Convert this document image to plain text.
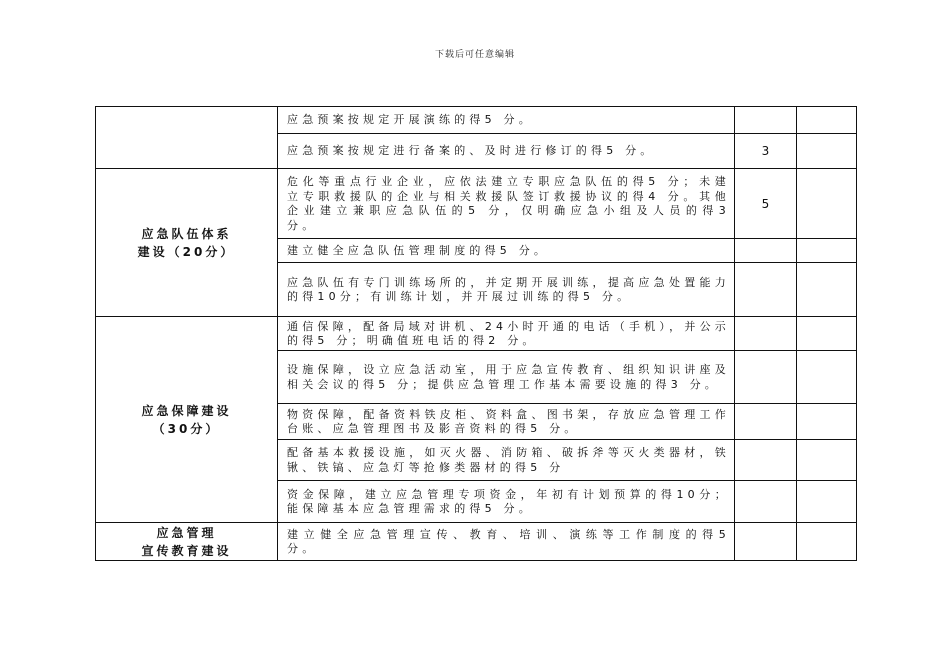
下载后可任意编辑
	应急预案按规定开展演练的得5 分。		
	应急预案按规定进行备案的、及时进行修订的得5 分。	3	

应急队伍体系
建设（20分）	危化等重点行业企业，应依法建立专职应急队伍的得5 分；未建立专职救援队的企业与相关救援队签订救援协议的得4 分。其他企业建立兼职应急队伍的5 分，仅明确应急小组及人员的得3 分。	5	
	建立健全应急队伍管理制度的得5 分。		
	应急队伍有专门训练场所的，并定期开展训练，提高应急处置能力的得10分；有训练计划，并开展过训练的得5 分。		

应急保障建设
（30分）	通信保障，配备局域对讲机、24小时开通的电话（手机），并公示的得5 分；明确值班电话的得2 分。		
	设施保障，设立应急活动室，用于应急宣传教育、组织知识讲座及相关会议的得5 分；提供应急管理工作基本需要设施的得3 分。		
	物资保障，配备资料铁皮柜、资料盒、图书架，存放应急管理工作台账、应急管理图书及影音资料的得5 分。		
	配备基本救援设施，如灭火器、消防箱、破拆斧等灭火类器材，铁锹、铁镐、应急灯等抢修类器材的得5 分		
	资金保障，建立应急管理专项资金，年初有计划预算的得10分；能保障基本应急管理需求的得5 分。		

应急管理
宣传教育建设	建立健全应急管理宣传、教育、培训、演练等工作制度的得5 分。		
